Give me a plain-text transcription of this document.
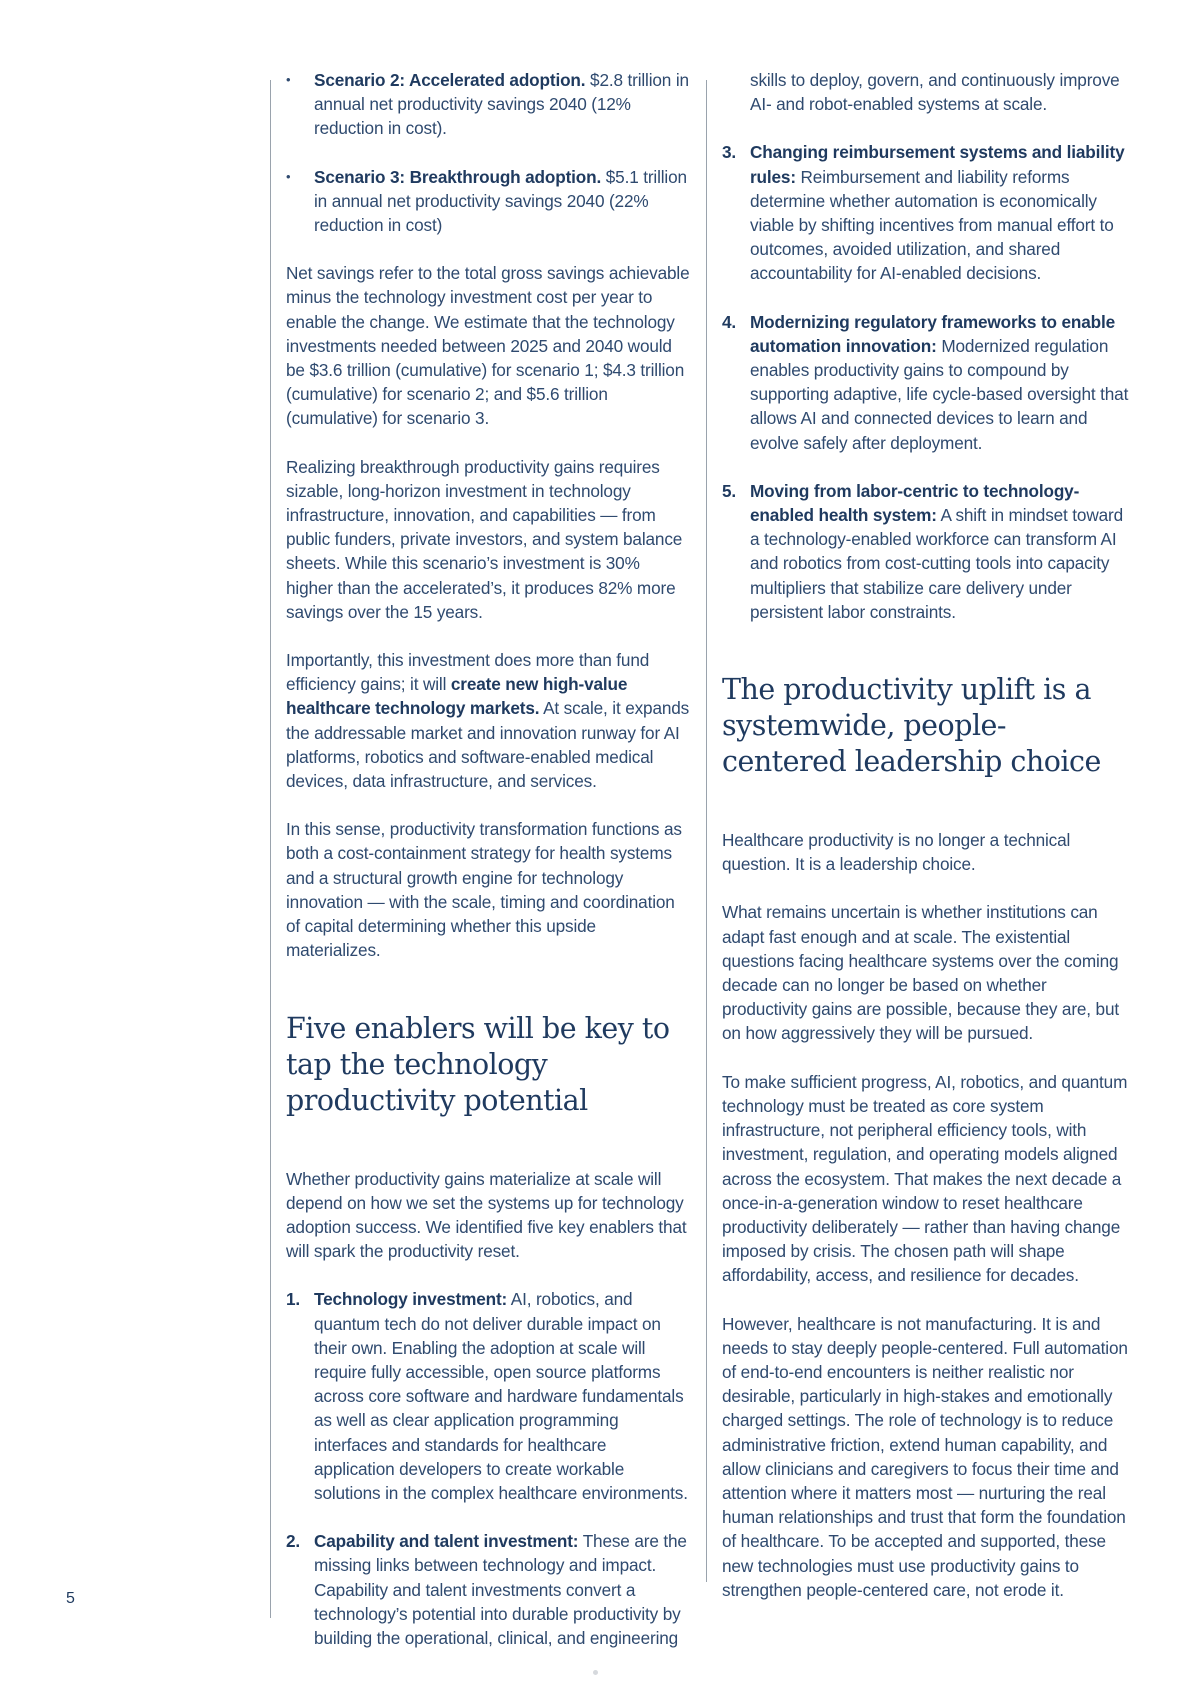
• Scenario 2: Accelerated adoption. $2.8 trillion in annual net productivity savings 2040 (12% reduction in cost).
• Scenario 3: Breakthrough adoption. $5.1 trillion in annual net productivity savings 2040 (22% reduction in cost)

Net savings refer to the total gross savings achievable minus the technology investment cost per year to enable the change. We estimate that the technology investments needed between 2025 and 2040 would be $3.6 trillion (cumulative) for scenario 1; $4.3 trillion (cumulative) for scenario 2; and $5.6 trillion (cumulative) for scenario 3.

Realizing breakthrough productivity gains requires sizable, long-horizon investment in technology infrastructure, innovation, and capabilities — from public funders, private investors, and system balance sheets. While this scenario’s investment is 30% higher than the accelerated’s, it produces 82% more savings over the 15 years.

Importantly, this investment does more than fund efficiency gains; it will create new high-value healthcare technology markets. At scale, it expands the addressable market and innovation runway for AI platforms, robotics and software-enabled medical devices, data infrastructure, and services.

In this sense, productivity transformation functions as both a cost-containment strategy for health systems and a structural growth engine for technology innovation — with the scale, timing and coordination of capital determining whether this upside materializes.

Five enablers will be key to tap the technology productivity potential

Whether productivity gains materialize at scale will depend on how we set the systems up for technology adoption success. We identified five key enablers that will spark the productivity reset.

1. Technology investment: AI, robotics, and quantum tech do not deliver durable impact on their own. Enabling the adoption at scale will require fully accessible, open source platforms across core software and hardware fundamentals as well as clear application programming interfaces and standards for healthcare application developers to create workable solutions in the complex healthcare environments.
2. Capability and talent investment: These are the missing links between technology and impact. Capability and talent investments convert a technology’s potential into durable productivity by building the operational, clinical, and engineering

skills to deploy, govern, and continuously improve AI- and robot-enabled systems at scale.

3. Changing reimbursement systems and liability rules: Reimbursement and liability reforms determine whether automation is economically viable by shifting incentives from manual effort to outcomes, avoided utilization, and shared accountability for AI-enabled decisions.
4. Modernizing regulatory frameworks to enable automation innovation: Modernized regulation enables productivity gains to compound by supporting adaptive, life cycle-based oversight that allows AI and connected devices to learn and evolve safely after deployment.
5. Moving from labor-centric to technology-enabled health system: A shift in mindset toward a technology-enabled workforce can transform AI and robotics from cost-cutting tools into capacity multipliers that stabilize care delivery under persistent labor constraints.
The productivity uplift is a systemwide, people-centered leadership choice

Healthcare productivity is no longer a technical question. It is a leadership choice.

What remains uncertain is whether institutions can adapt fast enough and at scale. The existential questions facing healthcare systems over the coming decade can no longer be based on whether productivity gains are possible, because they are, but on how aggressively they will be pursued.

To make sufficient progress, AI, robotics, and quantum technology must be treated as core system infrastructure, not peripheral efficiency tools, with investment, regulation, and operating models aligned across the ecosystem. That makes the next decade a once-in-a-generation window to reset healthcare productivity deliberately — rather than having change imposed by crisis. The chosen path will shape affordability, access, and resilience for decades.

However, healthcare is not manufacturing. It is and needs to stay deeply people-centered. Full automation of end-to-end encounters is neither realistic nor desirable, particularly in high-stakes and emotionally charged settings. The role of technology is to reduce administrative friction, extend human capability, and allow clinicians and caregivers to focus their time and attention where it matters most — nurturing the real human relationships and trust that form the foundation of healthcare. To be accepted and supported, these new technologies must use productivity gains to strengthen people-centered care, not erode it.

5
